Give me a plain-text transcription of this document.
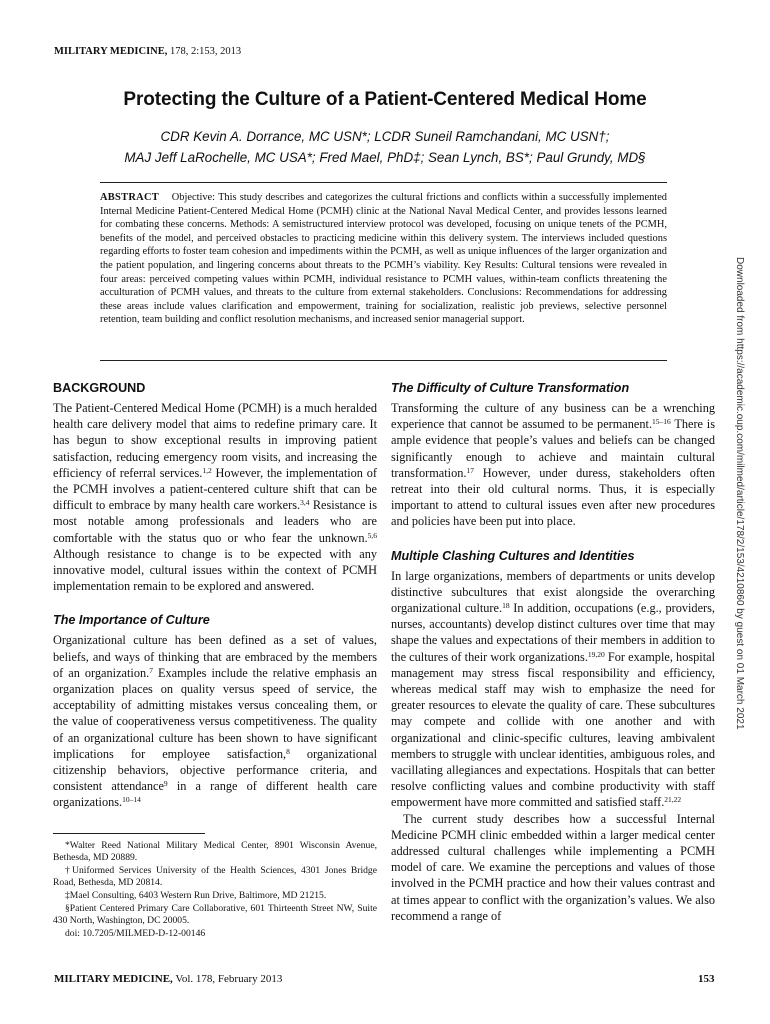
MILITARY MEDICINE, 178, 2:153, 2013
Protecting the Culture of a Patient-Centered Medical Home
CDR Kevin A. Dorrance, MC USN*; LCDR Suneil Ramchandani, MC USN†;
MAJ Jeff LaRochelle, MC USA*; Fred Mael, PhD‡; Sean Lynch, BS*; Paul Grundy, MD§

ABSTRACT Objective: This study describes and categorizes the cultural frictions and conflicts within a successfully implemented Internal Medicine Patient-Centered Medical Home (PCMH) clinic at the National Naval Medical Center, and provides lessons learned for combating these concerns. Methods: A semistructured interview protocol was developed, focusing on unique tenets of the PCMH, benefits of the model, and perceived obstacles to practicing medicine within this delivery system. The interviews included questions regarding efforts to foster team cohesion and impediments within the PCMH, as well as unique influences of the larger organization and the patient population, and lingering concerns about threats to the PCMH’s viability. Key Results: Cultural tensions were revealed in four areas: perceived competing values within PCMH, individual resistance to PCMH values, within-team conflicts threatening the acculturation of PCMH values, and threats to the culture from external stakeholders. Conclusions: Recommendations for addressing these areas include values clarification and empowerment, training for socialization, realistic job previews, selective personnel retention, team building and conflict resolution mechanisms, and increased senior managerial support.

BACKGROUND

The Patient-Centered Medical Home (PCMH) is a much heralded health care delivery model that aims to redefine primary care. It has begun to show exceptional results in improving patient satisfaction, reducing emergency room visits, and increasing the efficiency of referral services.$^{1,2}$ However, the implementation of the PCMH involves a patient-centered culture shift that can be difficult to embrace by many health care workers.$^{3,4}$ Resistance is most notable among professionals and leaders who are comfortable with the status quo or who fear the unknown.$^{5,6}$ Although resistance to change is to be expected with any innovative model, cultural issues within the context of PCMH implementation remain to be explored and answered.

The Importance of Culture

Organizational culture has been defined as a set of values, beliefs, and ways of thinking that are embraced by the members of an organization.$^7$ Examples include the relative emphasis an organization places on quality versus speed of service, the acceptability of admitting mistakes versus concealing them, or the value of cooperativeness versus competitiveness. The quality of an organizational culture has been shown to have significant implications for employee satisfaction,$^8$ organizational citizenship behaviors, objective performance criteria, and consistent attendance$^9$ in a range of different health care organizations.$^{10-14}$

*Walter Reed National Military Medical Center, 8901 Wisconsin Avenue, Bethesda, MD 20889.

†Uniformed Services University of the Health Sciences, 4301 Jones Bridge Road, Bethesda, MD 20814.

‡Mael Consulting, 6403 Western Run Drive, Baltimore, MD 21215.

§Patient Centered Primary Care Collaborative, 601 Thirteenth Street NW, Suite 430 North, Washington, DC 20005.

doi: 10.7205/MILMED-D-12-00146

The Difficulty of Culture Transformation

Transforming the culture of any business can be a wrenching experience that cannot be assumed to be permanent.$^{15-16}$ There is ample evidence that people’s values and beliefs can be changed significantly enough to achieve and maintain cultural transformation.$^{17}$ However, under duress, stakeholders often retreat into their old cultural norms. Thus, it is especially important to attend to cultural issues even after new procedures and policies have been put into place.

Multiple Clashing Cultures and Identities

In large organizations, members of departments or units develop distinctive subcultures that exist alongside the overarching organizational culture.$^{18}$ In addition, occupations (e.g., providers, nurses, accountants) develop distinct cultures over time that may shape the values and expectations of their members in addition to the cultures of their work organizations.$^{19,20}$ For example, hospital management may stress fiscal responsibility and efficiency, whereas medical staff may wish to emphasize the need for greater resources to elevate the quality of care. These subcultures may compete and collide with one another and with organizational and clinic-specific cultures, leaving ambivalent members to struggle with unclear identities, ambiguous roles, and vacillating allegiances and expectations. Hospitals that can better resolve conflicting values and combine productivity with staff empowerment have more committed and satisfied staff.$^{21,22}$

The current study describes how a successful Internal Medicine PCMH clinic embedded within a larger medical center addressed cultural challenges while implementing a PCMH model of care. We examine the perceptions and values of those involved in the PCMH practice and how their values contrast and at times appear to conflict with the organization’s values. We also recommend a range of

MILITARY MEDICINE, Vol. 178, February 2013	153
Downloaded from https://academic.oup.com/milmed/article/178/2/153/4210860 by guest on 01 March 2021
